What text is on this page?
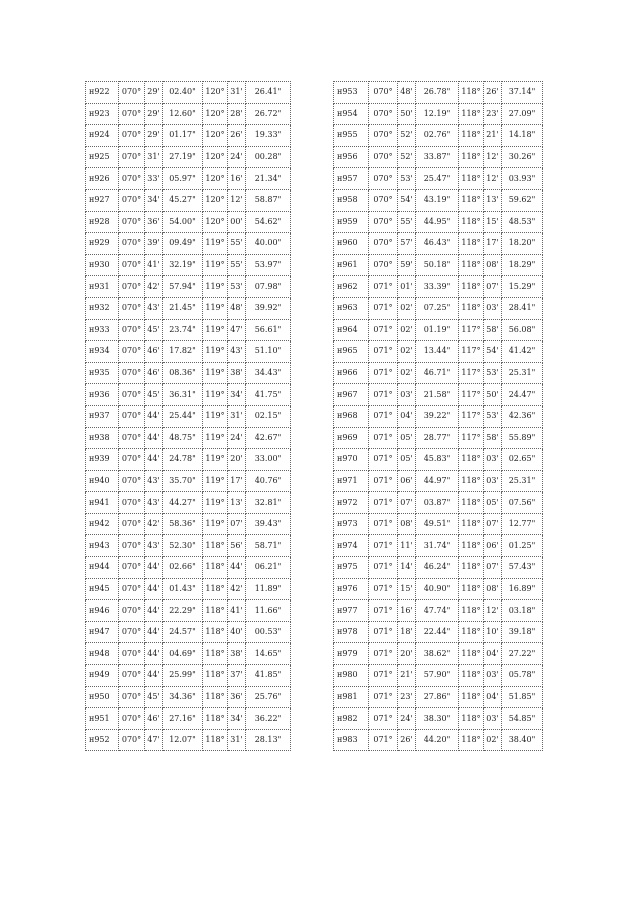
н922	070°	29'	02.40"	120°	31'	26.41"
н923	070°	29'	12.60"	120°	28'	26.72"
н924	070°	29'	01.17"	120°	26'	19.33"
н925	070°	31'	27.19"	120°	24'	00.28"
н926	070°	33'	05.97"	120°	16'	21.34"
н927	070°	34'	45.27"	120°	12'	58.87"
н928	070°	36'	54.00"	120°	00'	54.62"
н929	070°	39'	09.49"	119°	55'	40.00"
н930	070°	41'	32.19"	119°	55'	53.97"
н931	070°	42'	57.94"	119°	53'	07.98"
н932	070°	43'	21.45"	119°	48'	39.92"
н933	070°	45'	23.74"	119°	47'	56.61"
н934	070°	46'	17.82"	119°	43'	51.10"
н935	070°	46'	08.36"	119°	38'	34.43"
н936	070°	45'	36.31"	119°	34'	41.75"
н937	070°	44'	25.44"	119°	31'	02.15"
н938	070°	44'	48.75"	119°	24'	42.67"
н939	070°	44'	24.78"	119°	20'	33.00"
н940	070°	43'	35.70"	119°	17'	40.76"
н941	070°	43'	44.27"	119°	13'	32.81"
н942	070°	42'	58.36"	119°	07'	39.43"
н943	070°	43'	52.30"	118°	56'	58.71"
н944	070°	44'	02.66"	118°	44'	06.21"
н945	070°	44'	01.43"	118°	42'	11.89"
н946	070°	44'	22.29"	118°	41'	11.66"
н947	070°	44'	24.57"	118°	40'	00.53"
н948	070°	44'	04.69"	118°	38'	14.65"
н949	070°	44'	25.99"	118°	37'	41.85"
н950	070°	45'	34.36"	118°	36'	25.76"
н951	070°	46'	27.16"	118°	34'	36.22"
н952	070°	47'	12.07"	118°	31'	28.13"
н953	070°	48'	26.78"	118°	26'	37.14"
н954	070°	50'	12.19"	118°	23'	27.09"
н955	070°	52'	02.76"	118°	21'	14.18"
н956	070°	52'	33.87"	118°	12'	30.26"
н957	070°	53'	25.47"	118°	12'	03.93"
н958	070°	54'	43.19"	118°	13'	59.62"
н959	070°	55'	44.95"	118°	15'	48.53"
н960	070°	57'	46.43"	118°	17'	18.20"
н961	070°	59'	50.18"	118°	08'	18.29"
н962	071°	01'	33.39"	118°	07'	15.29"
н963	071°	02'	07.25"	118°	03'	28.41"
н964	071°	02'	01.19"	117°	58'	56.08"
н965	071°	02'	13.44"	117°	54'	41.42"
н966	071°	02'	46.71"	117°	53'	25.31"
н967	071°	03'	21.58"	117°	50'	24.47"
н968	071°	04'	39.22"	117°	53'	42.36"
н969	071°	05'	28.77"	117°	58'	55.89"
н970	071°	05'	45.83"	118°	03'	02.65"
н971	071°	06'	44.97"	118°	03'	25.31"
н972	071°	07'	03.87"	118°	05'	07.56"
н973	071°	08'	49.51"	118°	07'	12.77"
н974	071°	11'	31.74"	118°	06'	01.25"
н975	071°	14'	46.24"	118°	07'	57.43"
н976	071°	15'	40.90"	118°	08'	16.89"
н977	071°	16'	47.74"	118°	12'	03.18"
н978	071°	18'	22.44"	118°	10'	39.18"
н979	071°	20'	38.62"	118°	04'	27.22"
н980	071°	21'	57.90"	118°	03'	05.78"
н981	071°	23'	27.86"	118°	04'	51.85"
н982	071°	24'	38.30"	118°	03'	54.85"
н983	071°	26'	44.20"	118°	02'	38.40"
